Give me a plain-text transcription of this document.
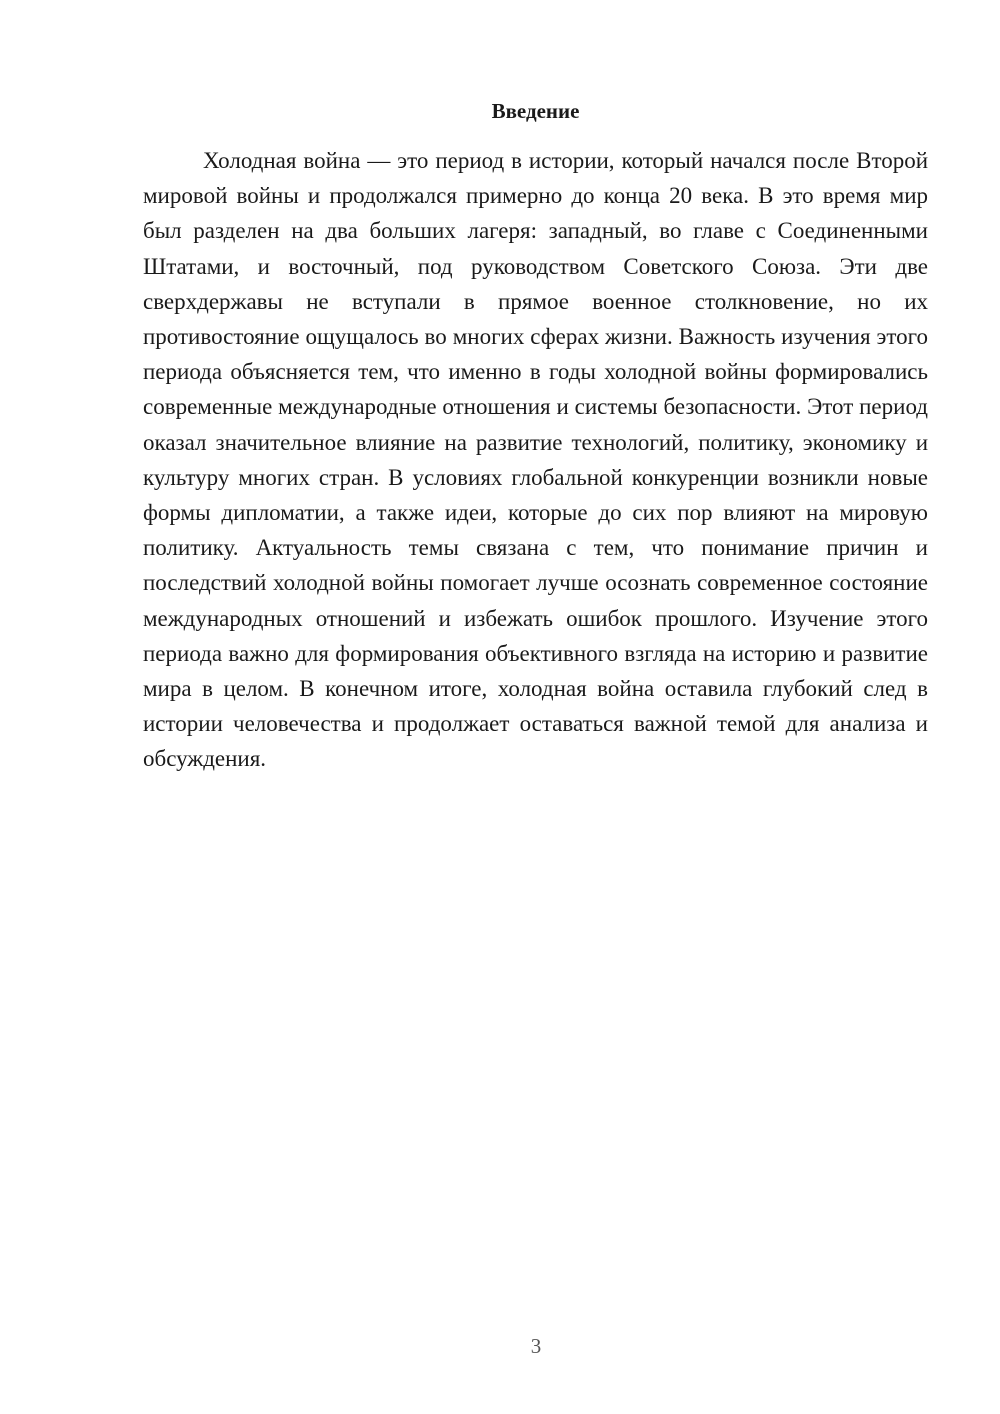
Введение

Холодная война — это период в истории, который начался после Второй мировой войны и продолжался примерно до конца 20 века. В это время мир был разделен на два больших лагеря: западный, во главе с Соединенными Штатами, и восточный, под руководством Советского Союза. Эти две сверхдержавы не вступали в прямое военное столкновение, но их противостояние ощущалось во многих сферах жизни. Важность изучения этого периода объясняется тем, что именно в годы холодной войны формировались современные международные отношения и системы безопасности. Этот период оказал значительное влияние на развитие технологий, политику, экономику и культуру многих стран. В условиях глобальной конкуренции возникли новые формы дипломатии, а также идеи, которые до сих пор влияют на мировую политику. Актуальность темы связана с тем, что понимание причин и последствий холодной войны помогает лучше осознать современное состояние международных отношений и избежать ошибок прошлого. Изучение этого периода важно для формирования объективного взгляда на историю и развитие мира в целом. В конечном итоге, холодная война оставила глубокий след в истории человечества и продолжает оставаться важной темой для анализа и обсуждения.

3
